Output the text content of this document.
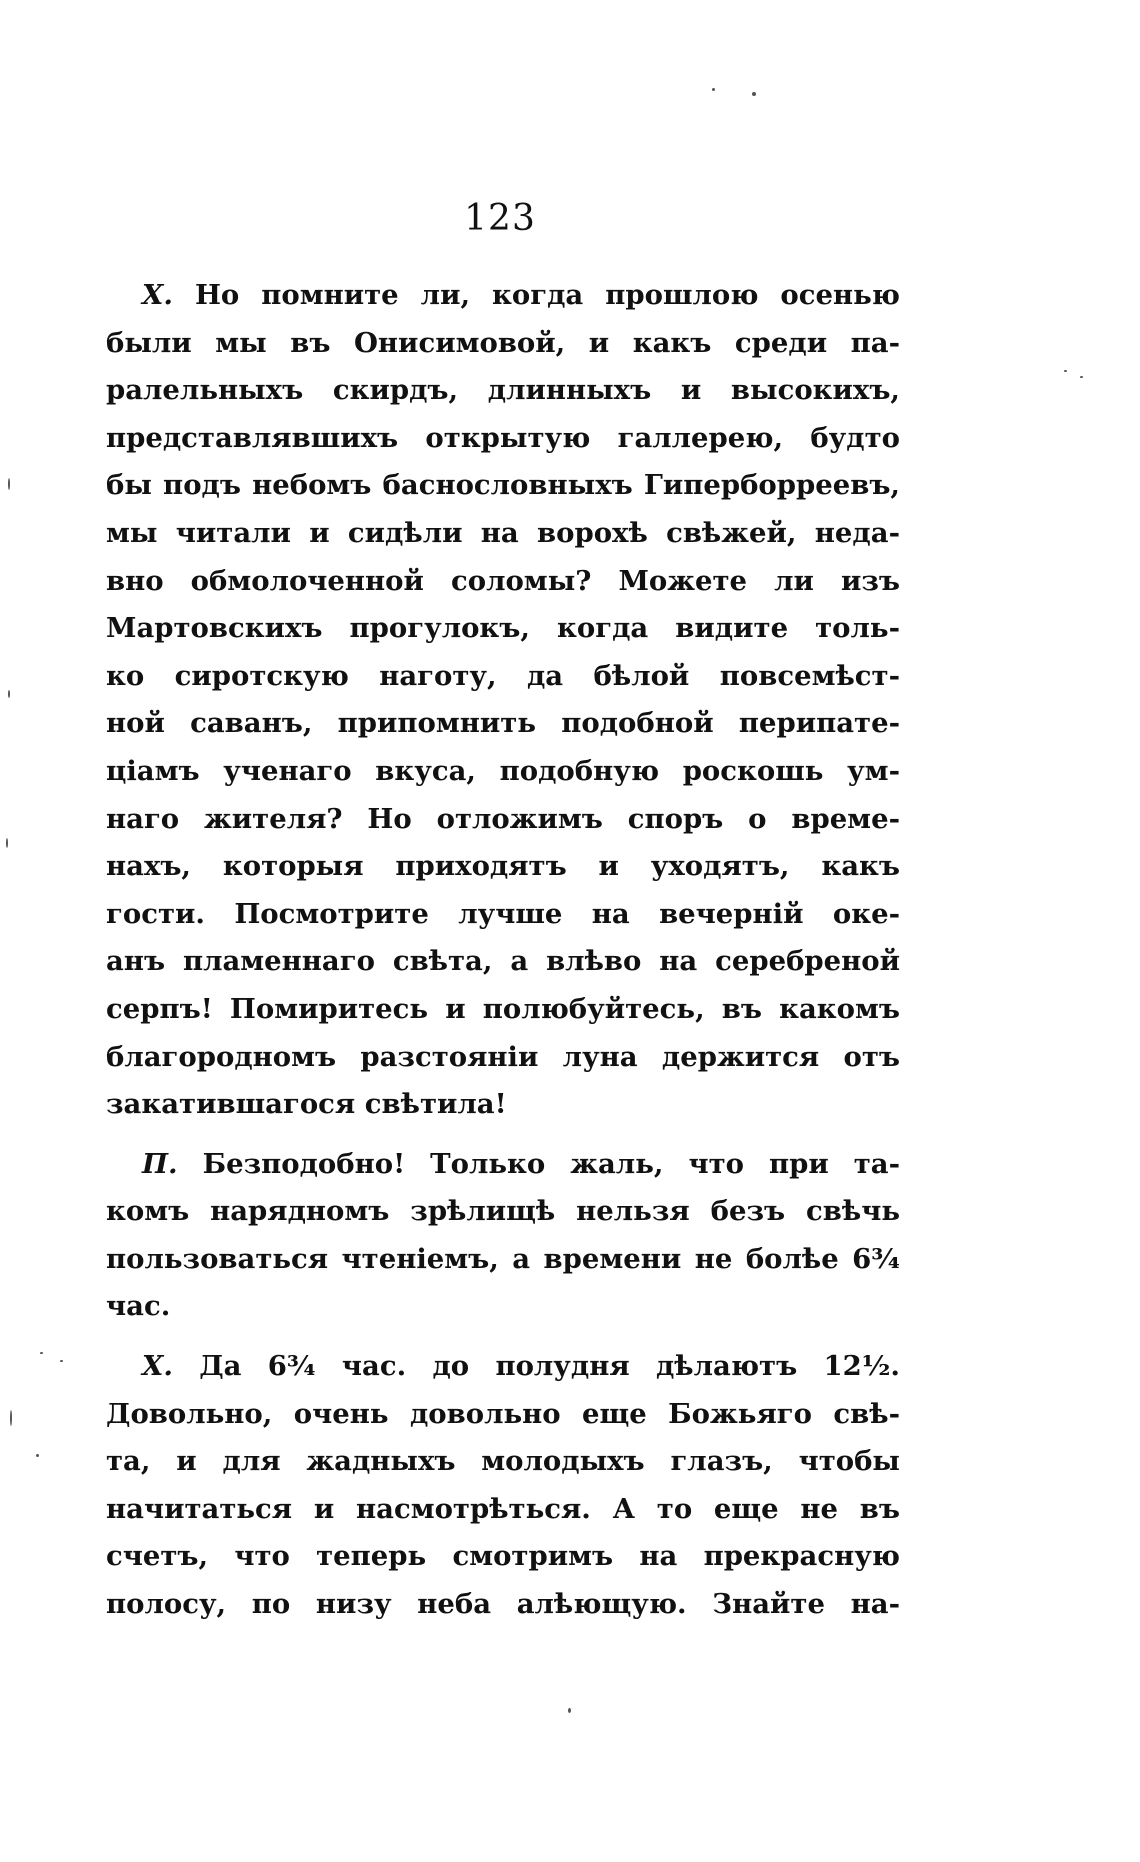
123
Х. Но помните ли, когда прошлою осенью
были мы въ Онисимовой, и какъ среди па-
ралельныхъ скирдъ, длинныхъ и высокихъ,
представлявшихъ открытую галлерею, будто
бы подъ небомъ баснословныхъ Гиперборреевъ,
мы читали и сидѣли на ворохѣ свѣжей, неда-
вно обмолоченной соломы? Можете ли изъ
Мартовскихъ прогулокъ, когда видите толь-
ко сиротскую наготу, да бѣлой повсемѣст-
ной саванъ, припомнить подобной перипате-
цiамъ ученаго вкуса, подобную роскошь ум-
наго жителя? Но отложимъ споръ о време-
нахъ, которыя приходятъ и уходятъ, какъ
гости. Посмотрите лучше на вечернiй оке-
анъ пламеннаго свѣта, а влѣво на серебреной
серпъ! Помиритесь и полюбуйтесь, въ какомъ
благородномъ разстоянiи луна держится отъ
закатившагося свѣтила!
П. Безподобно! Только жаль, что при та-
комъ нарядномъ зрѣлищѣ нельзя безъ свѣчь
пользоваться чтенiемъ, а времени не болѣе 6¾
час.
Х. Да 6¾ час. до полудня дѣлаютъ 12½.
Довольно, очень довольно еще Божьяго свѣ-
та, и для жадныхъ молодыхъ глазъ, чтобы
начитаться и насмотрѣться. А то еще не въ
счетъ, что теперь смотримъ на прекрасную
полосу, по низу неба алѣющую. Знайте на-
